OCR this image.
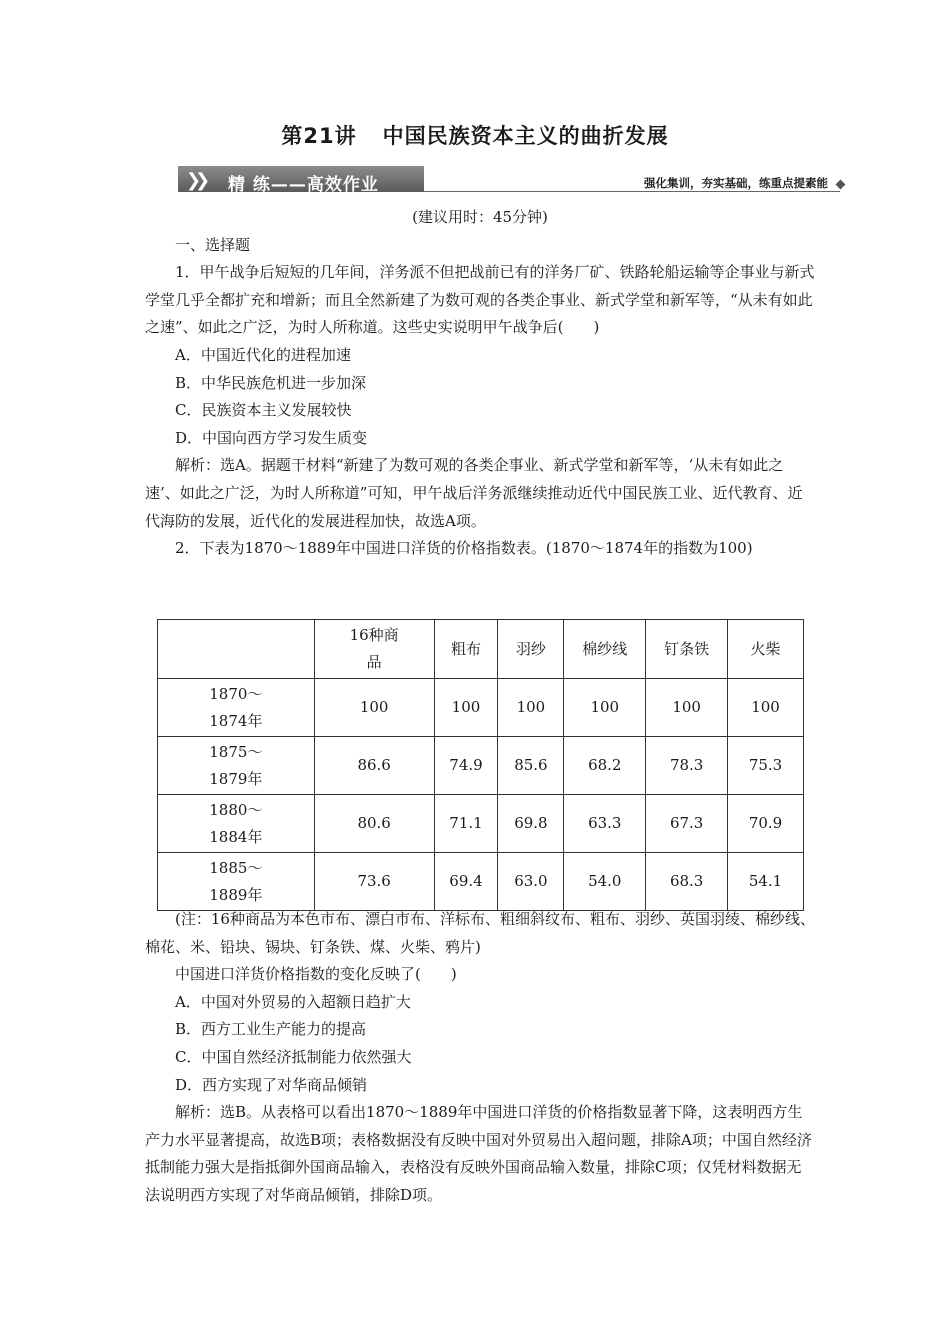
第21讲 中国民族资本主义的曲折发展
❯❯ 精 练——高效作业	强化集训，夯实基础，练重点提素能

(建议用时：45分钟)

一、选择题

1．甲午战争后短短的几年间，洋务派不但把战前已有的洋务厂矿、铁路轮船运输等企事业与新式学堂几乎全都扩充和增新；而且全然新建了为数可观的各类企事业、新式学堂和新军等，“从未有如此之速”、如此之广泛，为时人所称道。这些史实说明甲午战争后(　　)

A．中国近代化的进程加速

B．中华民族危机进一步加深

C．民族资本主义发展较快

D．中国向西方学习发生质变

解析：选A。据题干材料“新建了为数可观的各类企事业、新式学堂和新军等，‘从未有如此之速’、如此之广泛，为时人所称道”可知，甲午战后洋务派继续推动近代中国民族工业、近代教育、近代海防的发展，近代化的发展进程加快，故选A项。

2．下表为1870～1889年中国进口洋货的价格指数表。(1870～1874年的指数为100)

	16种商品	粗布	羽纱	棉纱线	钉条铁	火柴
1870～1874年	100	100	100	100	100	100
1875～1879年	86.6	74.9	85.6	68.2	78.3	75.3
1880～1884年	80.6	71.1	69.8	63.3	67.3	70.9
1885～1889年	73.6	69.4	63.0	54.0	68.3	54.1

(注：16种商品为本色市布、漂白市布、洋标布、粗细斜纹布、粗布、羽纱、英国羽绫、棉纱线、棉花、米、铅块、锡块、钉条铁、煤、火柴、鸦片)

中国进口洋货价格指数的变化反映了(　　)

A．中国对外贸易的入超额日趋扩大

B．西方工业生产能力的提高

C．中国自然经济抵制能力依然强大

D．西方实现了对华商品倾销

解析：选B。从表格可以看出1870～1889年中国进口洋货的价格指数显著下降，这表明西方生产力水平显著提高，故选B项；表格数据没有反映中国对外贸易出入超问题，排除A项；中国自然经济抵制能力强大是指抵御外国商品输入，表格没有反映外国商品输入数量，排除C项；仅凭材料数据无法说明西方实现了对华商品倾销，排除D项。
